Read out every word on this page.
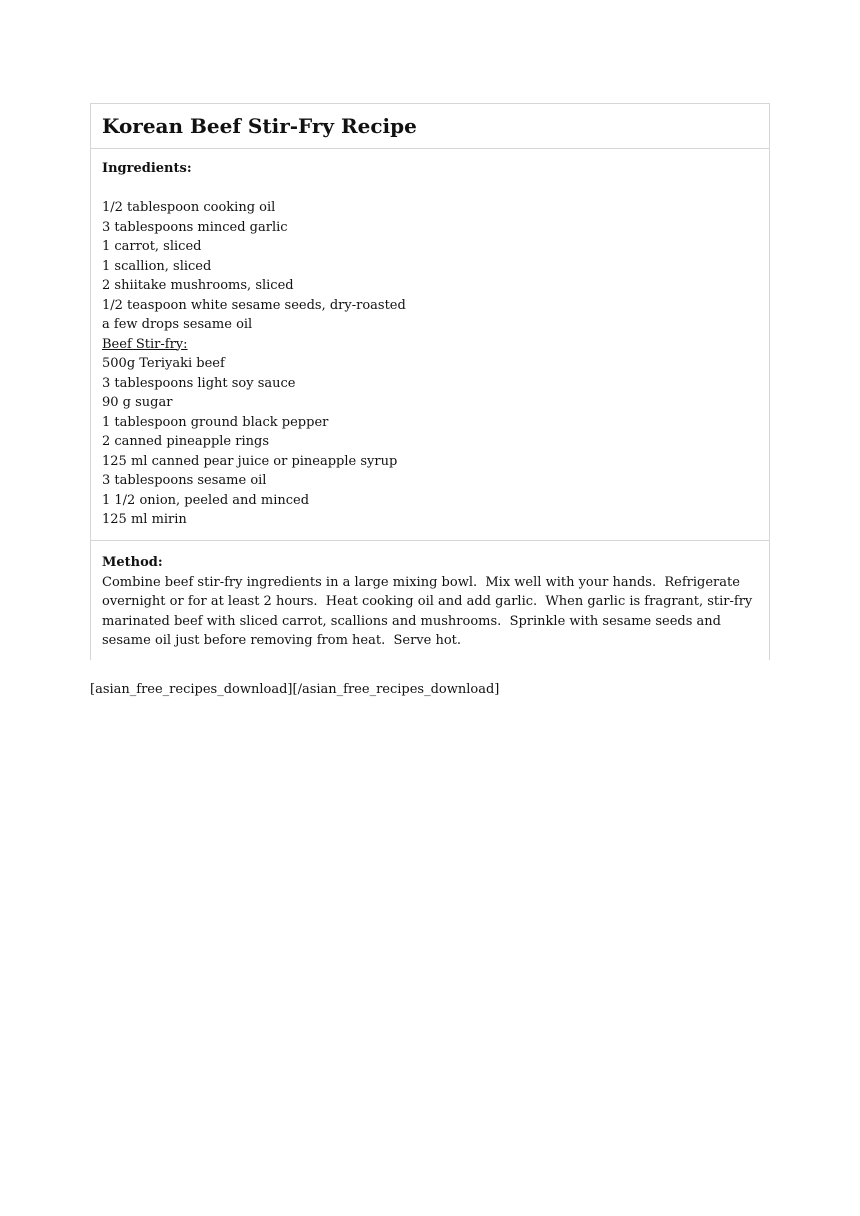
Korean Beef Stir-Fry Recipe
Ingredients:
1/2 tablespoon cooking oil
3 tablespoons minced garlic
1 carrot, sliced
1 scallion, sliced
2 shiitake mushrooms, sliced
1/2 teaspoon white sesame seeds, dry-roasted
a few drops sesame oil
Beef Stir-fry:
500g Teriyaki beef
3 tablespoons light soy sauce
90 g sugar
1 tablespoon ground black pepper
2 canned pineapple rings
125 ml canned pear juice or pineapple syrup
3 tablespoons sesame oil
1 1/2 onion, peeled and minced
125 ml mirin
Method:
Combine beef stir-fry ingredients in a large mixing bowl.  Mix well with your hands.  Refrigerate overnight or for at least 2 hours.  Heat cooking oil and add garlic.  When garlic is fragrant, stir-fry marinated beef with sliced carrot, scallions and mushrooms.  Sprinkle with sesame seeds and sesame oil just before removing from heat.  Serve hot.
[asian_free_recipes_download][/asian_free_recipes_download]
